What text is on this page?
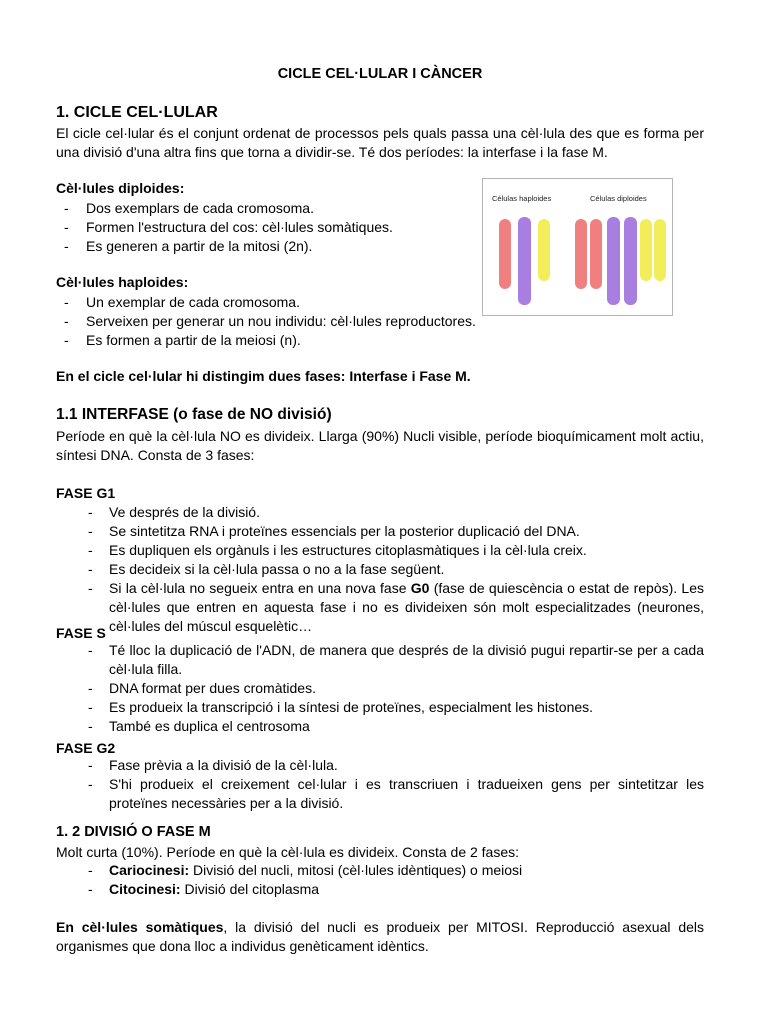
CICLE CEL·LULAR I CÀNCER
1. CICLE CEL·LULAR
El cicle cel·lular és el conjunt ordenat de processos pels quals passa una cèl·lula des que es forma per una divisió d'una altra fins que torna a dividir-se. Té dos períodes: la interfase i la fase M.
Cèl·lules diploides:
- Dos exemplars de cada cromosoma.
- Formen l'estructura del cos: cèl·lules somàtiques.
- Es generen a partir de la mitosi (2n).
Cèl·lules haploides:
- Un exemplar de cada cromosoma.
- Serveixen per generar un nou individu: cèl·lules reproductores.
- Es formen a partir de la meiosi (n).
En el cicle cel·lular hi distingim dues fases: Interfase i Fase M.
Células haploides	Células diploides
1.1 INTERFASE (o fase de NO divisió)
Període en què la cèl·lula NO es divideix. Llarga (90%) Nucli visible, període bioquímicament molt actiu, síntesi DNA. Consta de 3 fases:
FASE G1
- Ve després de la divisió.
- Se sintetitza RNA i proteïnes essencials per la posterior duplicació del DNA.
- Es dupliquen els orgànuls i les estructures citoplasmàtiques i la cèl·lula creix.
- Es decideix si la cèl·lula passa o no a la fase següent.
- Si la cèl·lula no segueix entra en una nova fase G0 (fase de quiescència o estat de repòs). Les cèl·lules que entren en aquesta fase i no es divideixen són molt especialitzades (neurones, cèl·lules del múscul esquelètic…
FASE S
- Té lloc la duplicació de l'ADN, de manera que després de la divisió pugui repartir-se per a cada cèl·lula filla.
- DNA format per dues cromàtides.
- Es produeix la transcripció i la síntesi de proteïnes, especialment les histones.
- També es duplica el centrosoma
FASE G2
- Fase prèvia a la divisió de la cèl·lula.
- S'hi produeix el creixement cel·lular i es transcriuen i tradueixen gens per sintetitzar les proteïnes necessàries per a la divisió.
1. 2 DIVISIÓ O FASE M
Molt curta (10%). Període en què la cèl·lula es divideix. Consta de 2 fases:
- Cariocinesi: Divisió del nucli, mitosi (cèl·lules idèntiques) o meiosi
- Citocinesi: Divisió del citoplasma
En cèl·lules somàtiques, la divisió del nucli es produeix per MITOSI. Reproducció asexual dels organismes que dona lloc a individus genèticament idèntics.
